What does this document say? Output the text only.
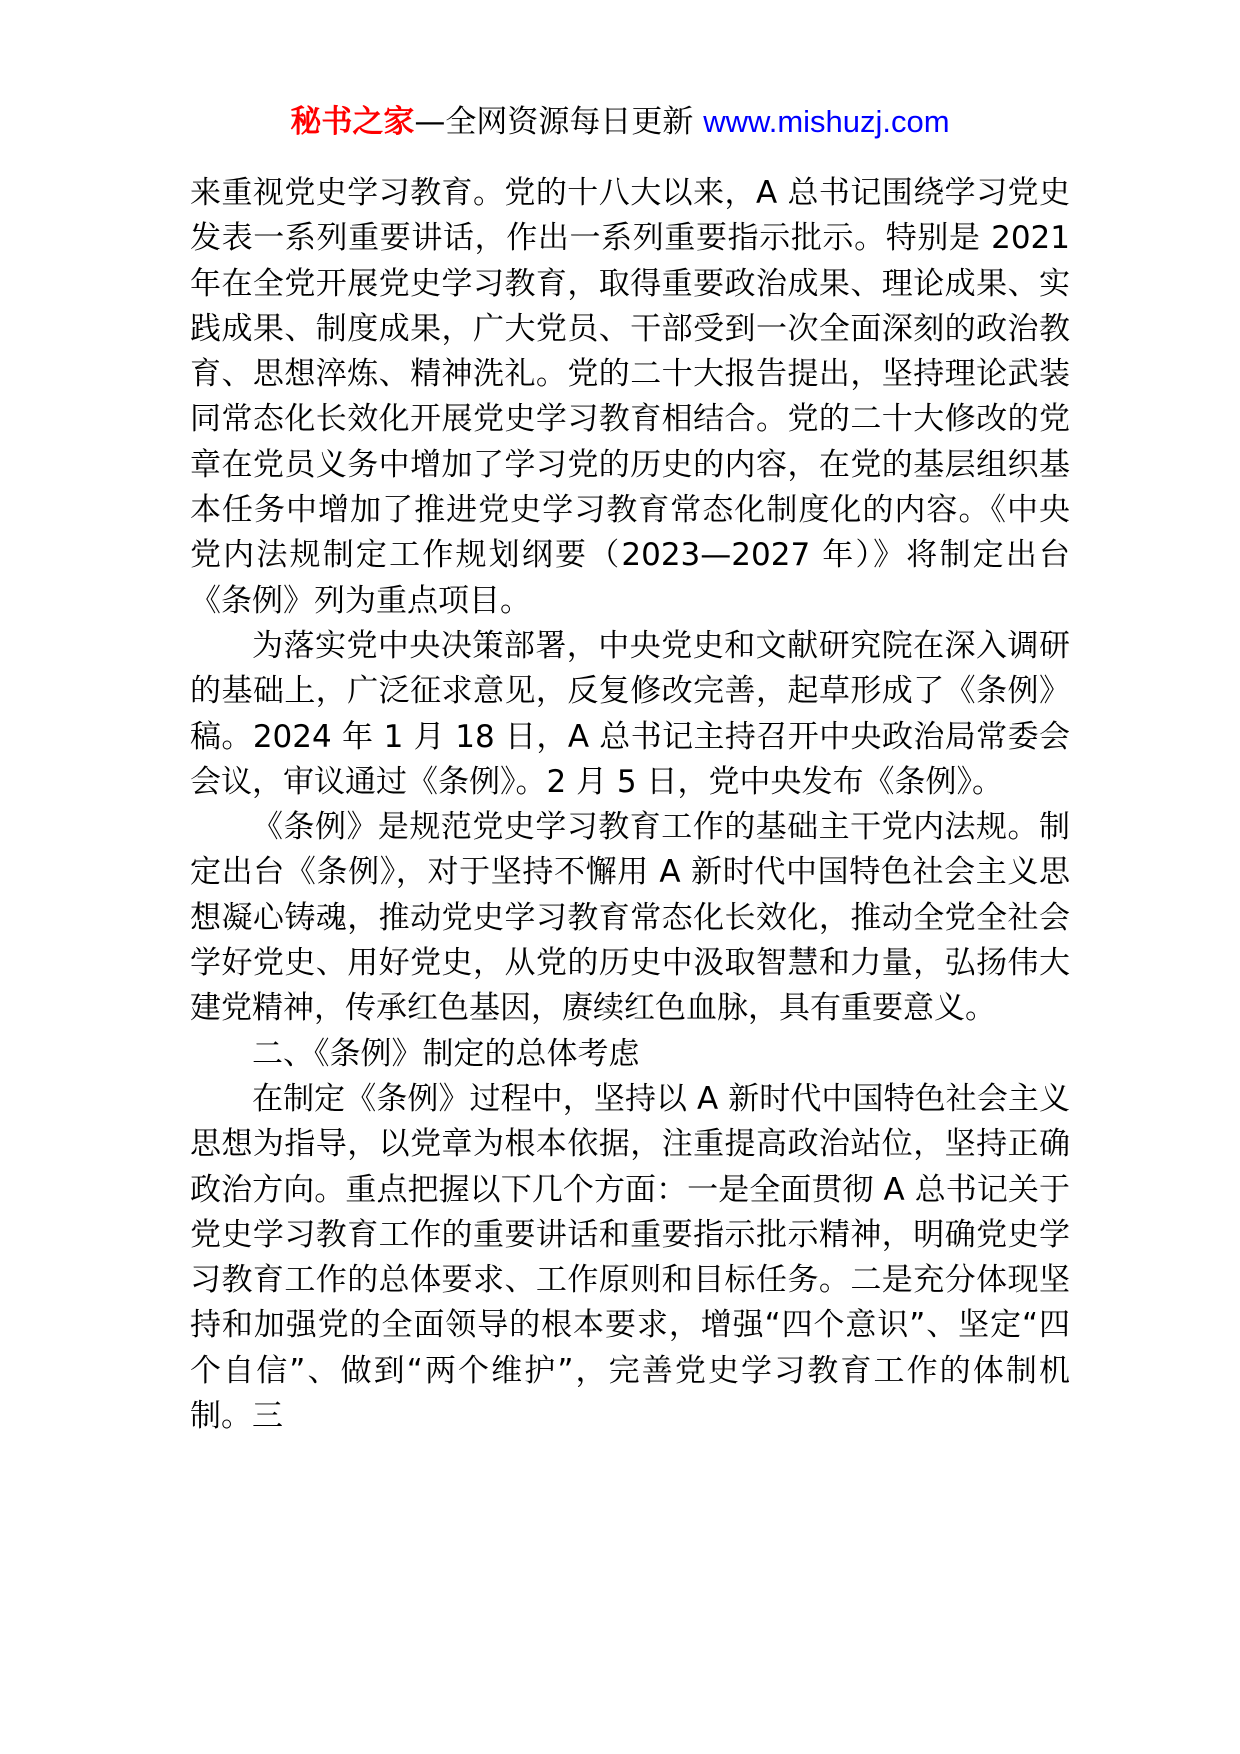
秘书之家—全网资源每日更新 www.mishuzj.com

来重视党史学习教育。党的十八大以来，A 总书记围绕学习党史发表一系列重要讲话，作出一系列重要指示批示。特别是 2021 年在全党开展党史学习教育，取得重要政治成果、理论成果、实践成果、制度成果，广大党员、干部受到一次全面深刻的政治教育、思想淬炼、精神洗礼。党的二十大报告提出，坚持理论武装同常态化长效化开展党史学习教育相结合。党的二十大修改的党章在党员义务中增加了学习党的历史的内容，在党的基层组织基本任务中增加了推进党史学习教育常态化制度化的内容。《中央党内法规制定工作规划纲要（2023—2027 年）》将制定出台《条例》列为重点项目。

为落实党中央决策部署，中央党史和文献研究院在深入调研的基础上，广泛征求意见，反复修改完善，起草形成了《条例》稿。2024 年 1 月 18 日，A 总书记主持召开中央政治局常委会会议，审议通过《条例》。2 月 5 日，党中央发布《条例》。

《条例》是规范党史学习教育工作的基础主干党内法规。制定出台《条例》，对于坚持不懈用 A 新时代中国特色社会主义思想凝心铸魂，推动党史学习教育常态化长效化，推动全党全社会学好党史、用好党史，从党的历史中汲取智慧和力量，弘扬伟大建党精神，传承红色基因，赓续红色血脉，具有重要意义。

二、《条例》制定的总体考虑

在制定《条例》过程中，坚持以 A 新时代中国特色社会主义思想为指导，以党章为根本依据，注重提高政治站位，坚持正确政治方向。重点把握以下几个方面：一是全面贯彻 A 总书记关于党史学习教育工作的重要讲话和重要指示批示精神，明确党史学习教育工作的总体要求、工作原则和目标任务。二是充分体现坚持和加强党的全面领导的根本要求，增强“四个意识”、坚定“四个自信”、做到“两个维护”，完善党史学习教育工作的体制机制。三
